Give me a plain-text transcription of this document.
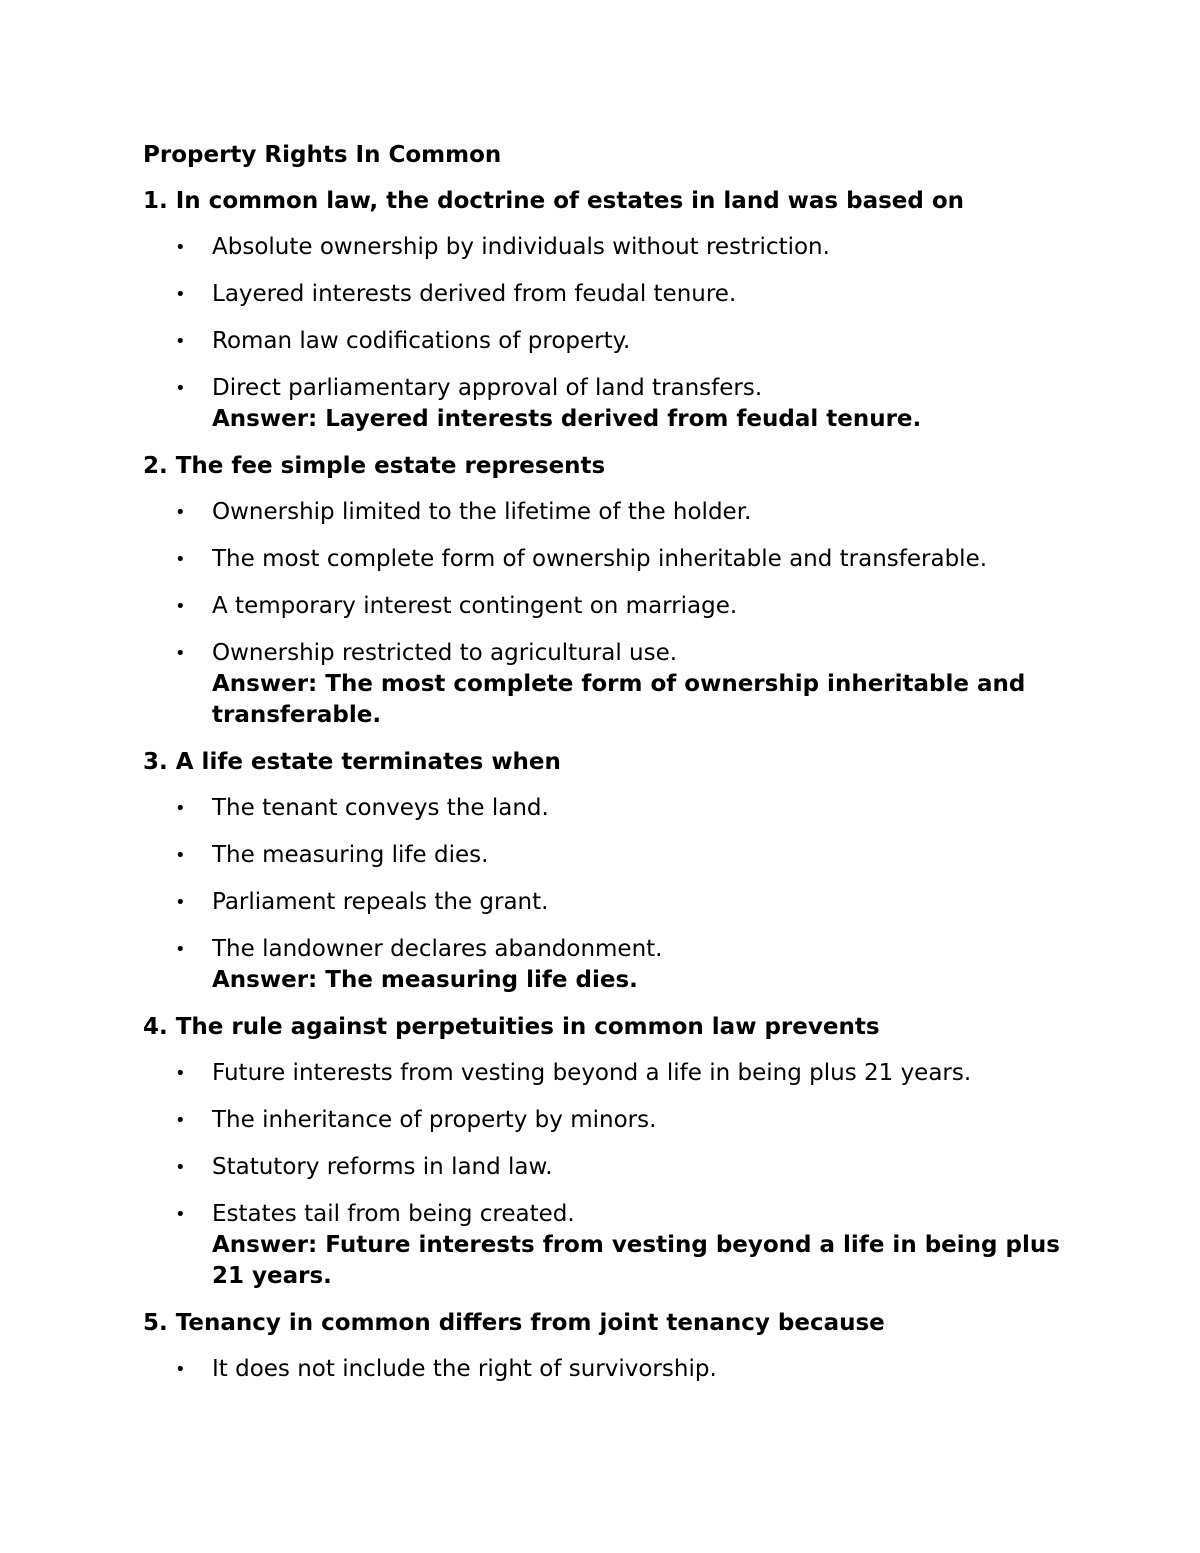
Property Rights In Common
1. In common law, the doctrine of estates in land was based on
• Absolute ownership by individuals without restriction.
• Layered interests derived from feudal tenure.
• Roman law codifications of property.
• Direct parliamentary approval of land transfers.
Answer: Layered interests derived from feudal tenure.
2. The fee simple estate represents
• Ownership limited to the lifetime of the holder.
• The most complete form of ownership inheritable and transferable.
• A temporary interest contingent on marriage.
• Ownership restricted to agricultural use.
Answer: The most complete form of ownership inheritable and transferable.
3. A life estate terminates when
• The tenant conveys the land.
• The measuring life dies.
• Parliament repeals the grant.
• The landowner declares abandonment.
Answer: The measuring life dies.
4. The rule against perpetuities in common law prevents
• Future interests from vesting beyond a life in being plus 21 years.
• The inheritance of property by minors.
• Statutory reforms in land law.
• Estates tail from being created.
Answer: Future interests from vesting beyond a life in being plus 21 years.
5. Tenancy in common differs from joint tenancy because
• It does not include the right of survivorship.
